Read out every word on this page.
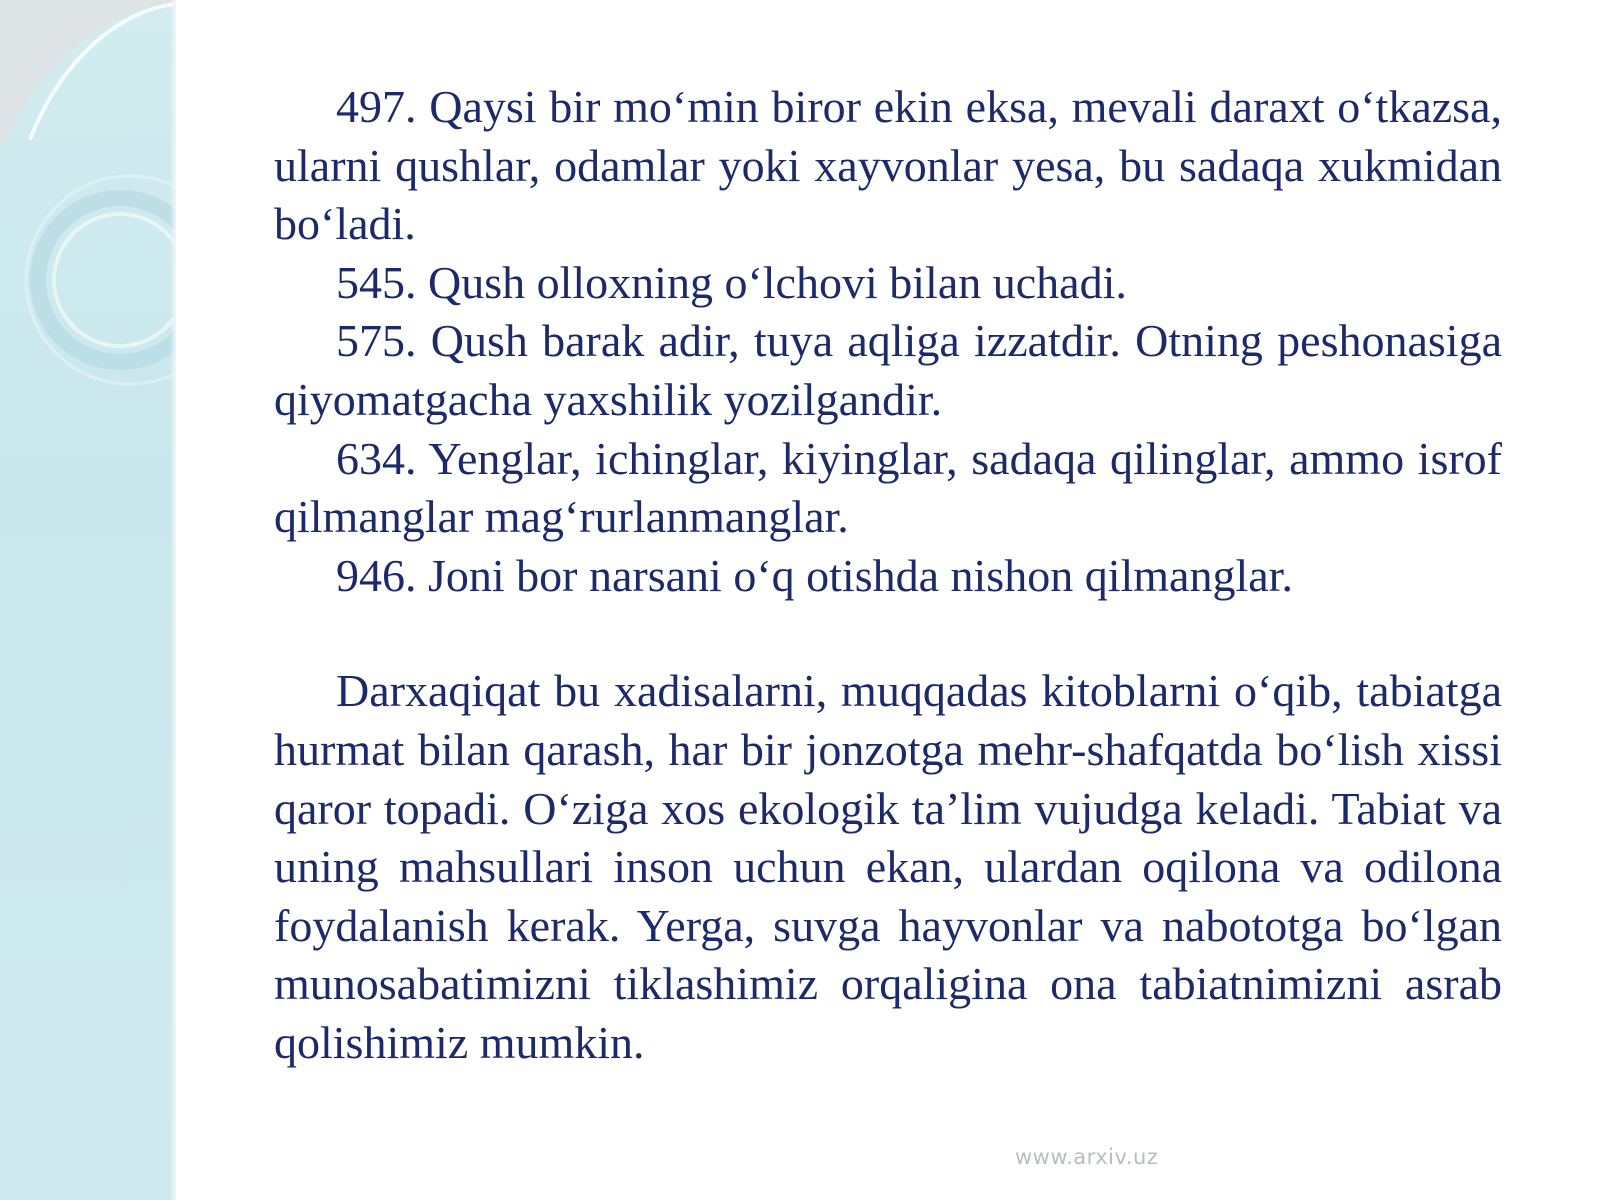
497. Qaysi bir mo‘min biror ekin eksa, mevali daraxt o‘tkazsa, ularni qushlar, odamlar yoki xayvonlar yesa, bu sadaqa xukmidan bo‘ladi.

545. Qush olloxning o‘lchovi bilan uchadi.

575. Qush barak adir, tuya aqliga izzatdir. Otning peshonasiga qiyomatgacha yaxshilik yozilgandir.

634. Yenglar, ichinglar, kiyinglar, sadaqa qilinglar, ammo isrof qilmanglar mag‘rurlanmanglar.

946. Joni bor narsani o‘q otishda nishon qilmanglar.

Darxaqiqat bu xadisalarni, muqqadas kitoblarni o‘qib, tabiatga hurmat bilan qarash, har bir jonzotga mehr-shafqatda bo‘lish xissi qaror topadi. O‘ziga xos ekologik ta’lim vujudga keladi. Tabiat va uning mahsullari inson uchun ekan, ulardan oqilona va odilona foydalanish kerak. Yerga, suvga hayvonlar va nabototga bo‘lgan munosabatimizni tiklashimiz orqaligina ona tabiatnimizni asrab qolishimiz mumkin.

www.arxiv.uz
